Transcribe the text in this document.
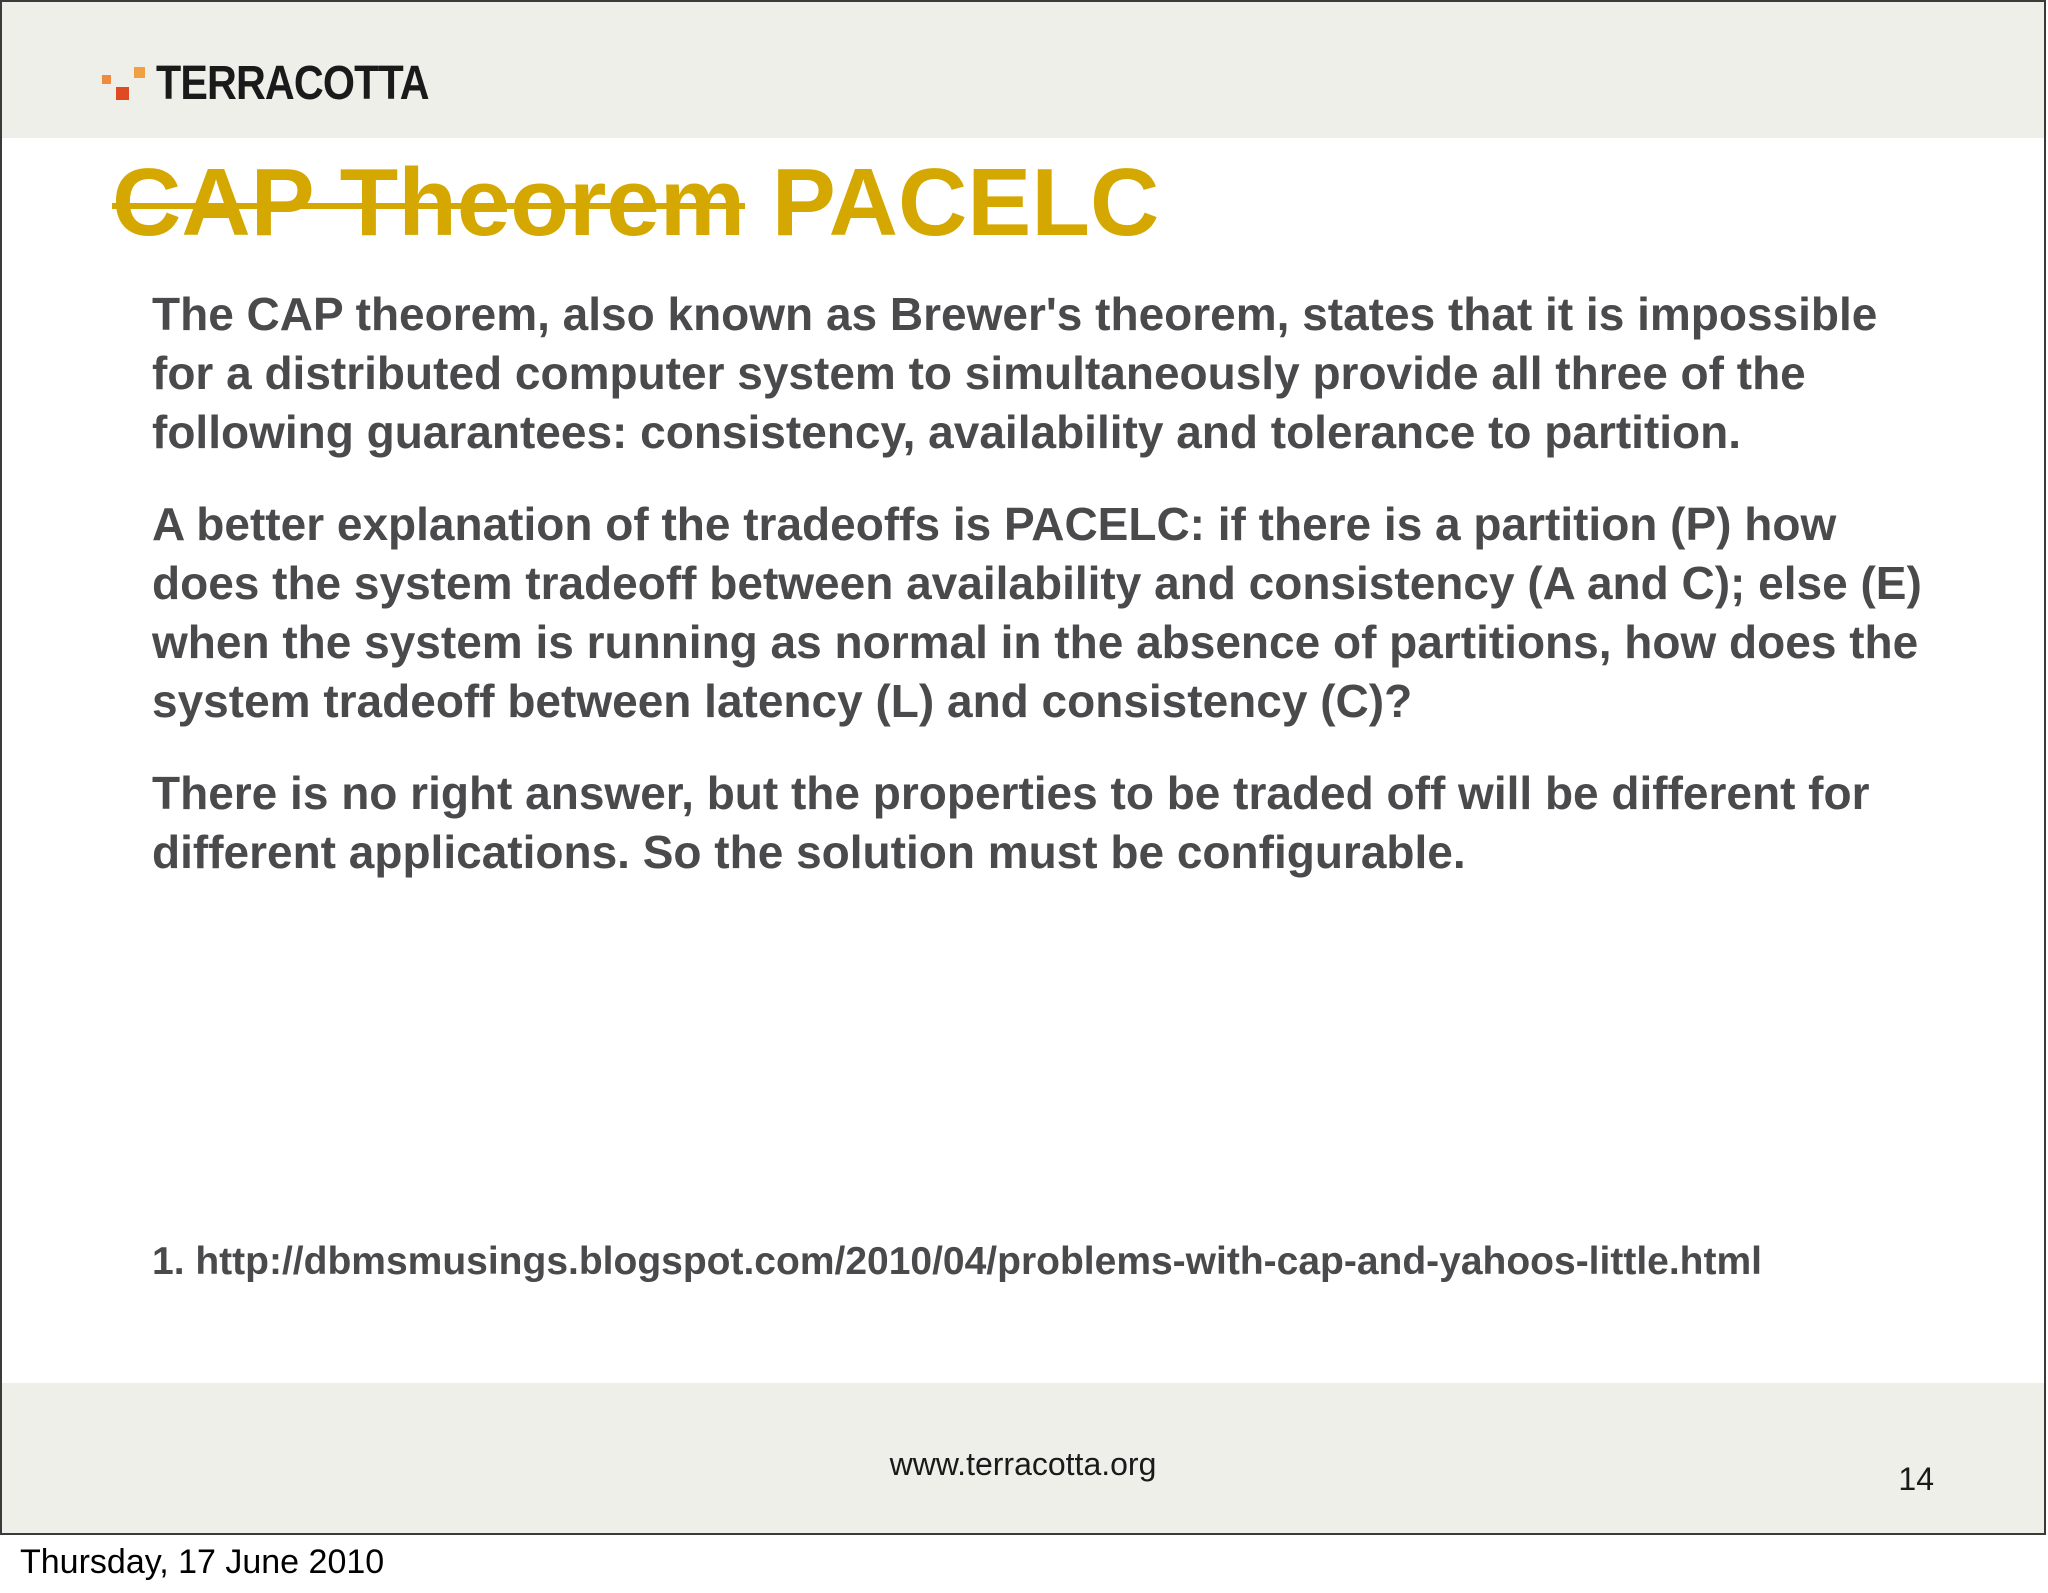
TERRACOTTA
CAP Theorem PACELC

The CAP theorem, also known as Brewer's theorem, states that it is impossible for a distributed computer system to simultaneously provide all three of the following guarantees: consistency, availability and tolerance to partition.

A better explanation of the tradeoffs is PACELC: if there is a partition (P) how does the system tradeoff between availability and consistency (A and C); else (E) when the system is running as normal in the absence of partitions, how does the system tradeoff between latency (L) and consistency (C)?

There is no right answer, but the properties to be traded off will be different for different applications. So the solution must be configurable.

1. http://dbmsmusings.blogspot.com/2010/04/problems-with-cap-and-yahoos-little.html
www.terracotta.org	14
Thursday, 17 June 2010
